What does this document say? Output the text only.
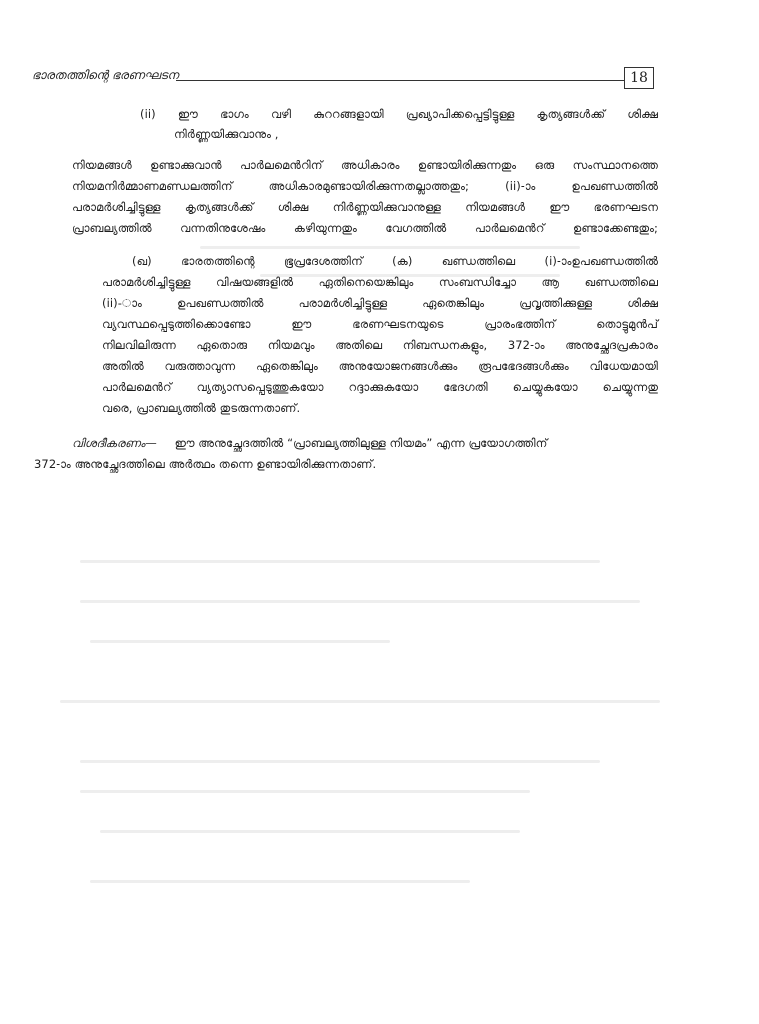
ഭാരതത്തിന്റെ ഭരണഘടന	18
(ii) ഈ ഭാഗം വഴി കുററങ്ങളായി പ്രഖ്യാപിക്കപ്പെട്ടിട്ടുള്ള കൃത്യങ്ങൾക്ക് ശിക്ഷ
നിർണ്ണയിക്കുവാനും ,
നിയമങ്ങൾ ഉണ്ടാക്കുവാൻ പാർലമെൻറിന് അധികാരം ഉണ്ടായിരിക്കുന്നതും ഒരു സംസ്ഥാനത്തെ
നിയമനിർമ്മാണമണ്ഡലത്തിന് അധികാരമുണ്ടായിരിക്കുന്നതല്ലാത്തതും; (ii)-ാം ഉപഖണ്ഡത്തിൽ
പരാമർശിച്ചിട്ടുള്ള കൃത്യങ്ങൾക്ക് ശിക്ഷ നിർണ്ണയിക്കുവാനുള്ള നിയമങ്ങൾ ഈ ഭരണഘടന
പ്രാബല്യത്തിൽ വന്നതിനുശേഷം കഴിയുന്നതും വേഗത്തിൽ പാർലമെൻറ് ഉണ്ടാക്കേണ്ടതും;
(ഖ) ഭാരതത്തിന്റെ ഭൂപ്രദേശത്തിന് (ക) ഖണ്ഡത്തിലെ (i)-ാംഉപഖണ്ഡത്തിൽ
പരാമർശിച്ചിട്ടുള്ള വിഷയങ്ങളിൽ ഏതിനെയെങ്കിലും സംബന്ധിച്ചോ ആ ഖണ്ഡത്തിലെ
(ii)-ാം ഉപഖണ്ഡത്തിൽ പരാമർശിച്ചിട്ടുള്ള ഏതെങ്കിലും പ്രവൃത്തിക്കുള്ള ശിക്ഷ
വ്യവസ്ഥപ്പെടുത്തിക്കൊണ്ടോ ഈ ഭരണഘടനയുടെ പ്രാരംഭത്തിന് തൊട്ടുമുൻപ്
നിലവിലിരുന്ന ഏതൊരു നിയമവും അതിലെ നിബന്ധനകളും, 372-ാം അനുച്ഛേദപ്രകാരം
അതിൽ വരുത്താവുന്ന ഏതെങ്കിലും അനുയോജനങ്ങൾക്കും രൂപഭേദങ്ങൾക്കും വിധേയമായി
പാർലമെൻറ് വ്യത്യാസപ്പെടുത്തുകയോ റദ്ദാക്കുകയോ ഭേദഗതി ചെയ്യുകയോ ചെയ്യുന്നതു
വരെ, പ്രാബല്യത്തിൽ തുടരുന്നതാണ്.
വിശദീകരണം— ഈ അനുച്ഛേദത്തിൽ “പ്രാബല്യത്തിലുള്ള നിയമം” എന്ന പ്രയോഗത്തിന്
372-ാം അനുച്ഛേദത്തിലെ അർത്ഥം തന്നെ ഉണ്ടായിരിക്കുന്നതാണ്.
